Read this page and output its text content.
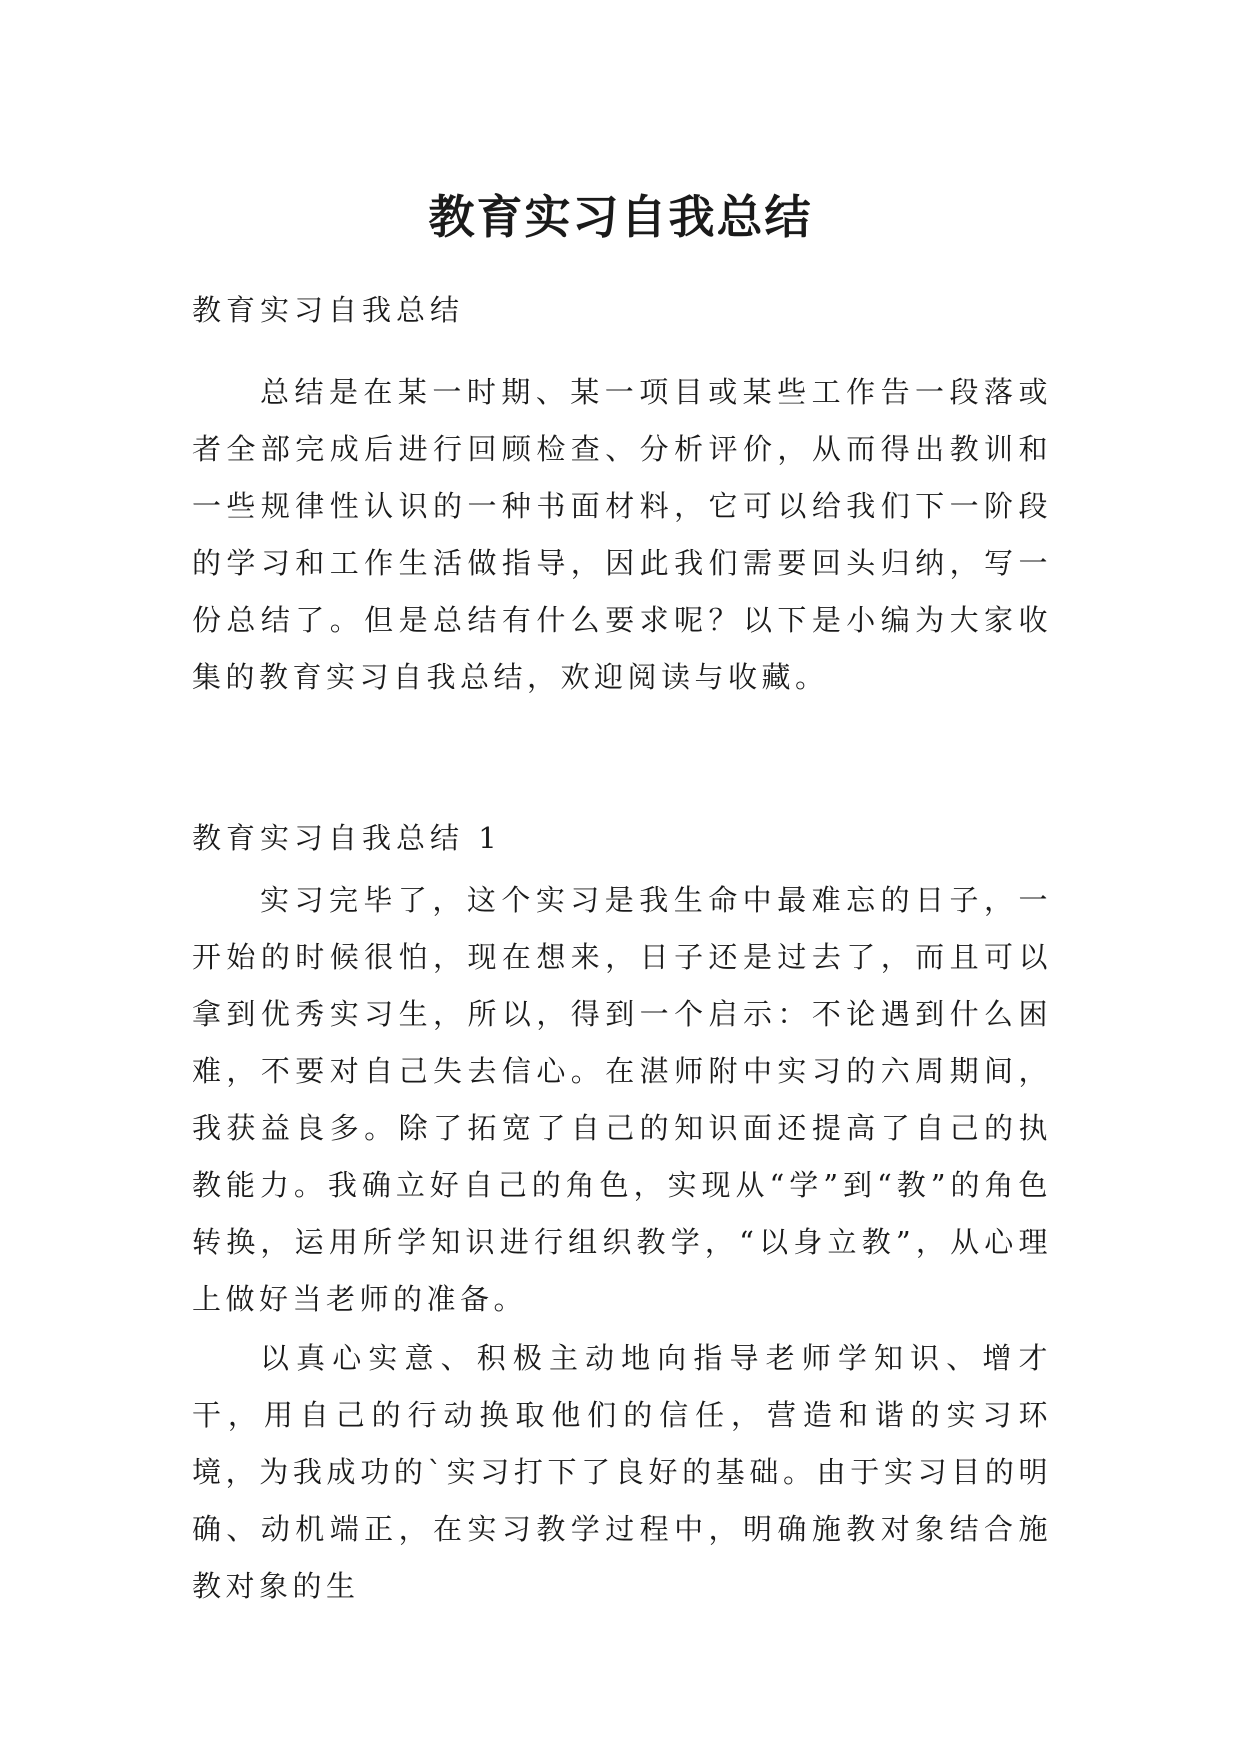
教育实习自我总结

教育实习自我总结

总结是在某一时期、某一项目或某些工作告一段落或者全部完成后进行回顾检查、分析评价，从而得出教训和一些规律性认识的一种书面材料，它可以给我们下一阶段的学习和工作生活做指导，因此我们需要回头归纳，写一份总结了。但是总结有什么要求呢？以下是小编为大家收集的教育实习自我总结，欢迎阅读与收藏。

教育实习自我总结 1

实习完毕了，这个实习是我生命中最难忘的日子，一开始的时候很怕，现在想来，日子还是过去了，而且可以拿到优秀实习生，所以，得到一个启示：不论遇到什么困难，不要对自己失去信心。在湛师附中实习的六周期间，我获益良多。除了拓宽了自己的知识面还提高了自己的执教能力。我确立好自己的角色，实现从“学”到“教”的角色转换，运用所学知识进行组织教学，“以身立教”，从心理上做好当老师的准备。

以真心实意、积极主动地向指导老师学知识、增才干，用自己的行动换取他们的信任，营造和谐的实习环境，为我成功的`实习打下了良好的基础。由于实习目的明确、动机端正，在实习教学过程中，明确施教对象结合施教对象的生
